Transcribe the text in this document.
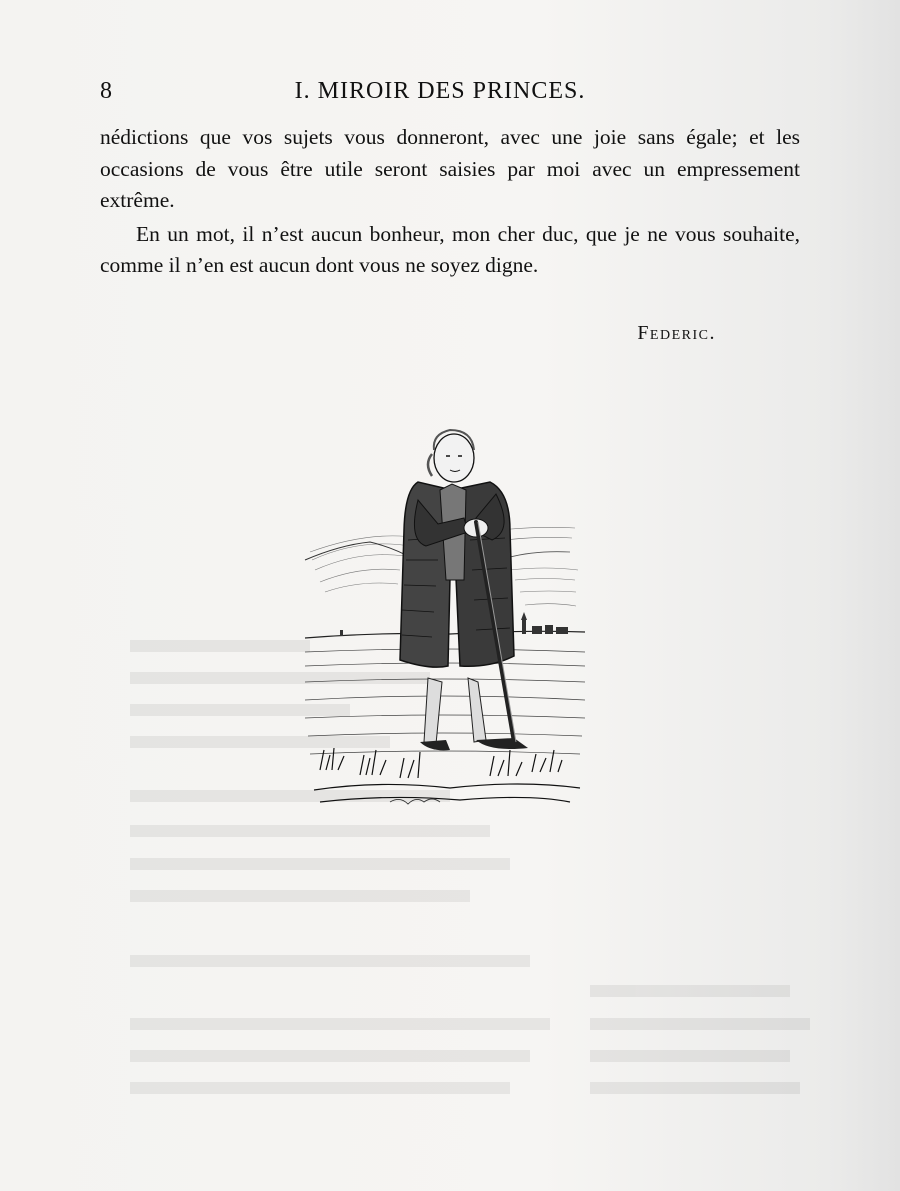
8	I. MIROIR DES PRINCES.

nédictions que vos sujets vous donneront, avec une joie sans égale; et les occasions de vous être utile seront saisies par moi avec un empressement extrême.

En un mot, il n’est aucun bonheur, mon cher duc, que je ne vous souhaite, comme il n’en est aucun dont vous ne soyez digne.

Federic.
